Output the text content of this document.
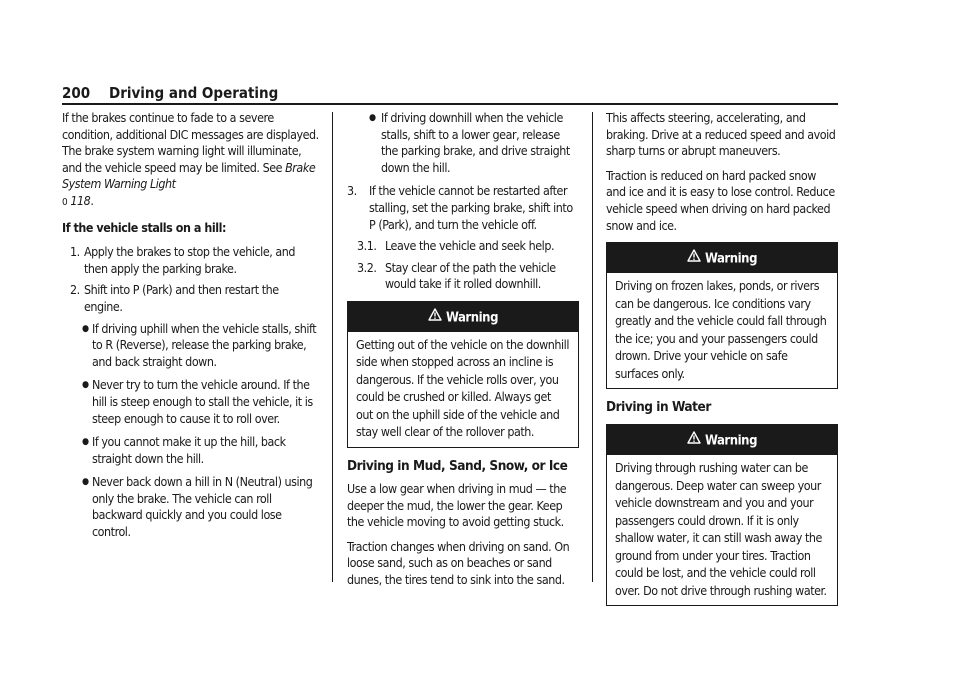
200 Driving and Operating

If the brakes continue to fade to a severe condition, additional DIC messages are displayed. The brake system warning light will illuminate, and the vehicle speed may be limited. See Brake System Warning Light
0 118.

If the vehicle stalls on a hill:

1. Apply the brakes to stop the vehicle, and then apply the parking brake.
2. Shift into P (Park) and then restart the engine.
● If driving uphill when the vehicle stalls, shift to R (Reverse), release the parking brake, and back straight down.
● Never try to turn the vehicle around. If the hill is steep enough to stall the vehicle, it is steep enough to cause it to roll over.
● If you cannot make it up the hill, back straight down the hill.
● Never back down a hill in N (Neutral) using only the brake. The vehicle can roll backward quickly and you could lose control.
● If driving downhill when the vehicle stalls, shift to a lower gear, release the parking brake, and drive straight down the hill.
3. If the vehicle cannot be restarted after stalling, set the parking brake, shift into P (Park), and turn the vehicle off.
3.1. Leave the vehicle and seek help.
3.2. Stay clear of the path the vehicle would take if it rolled downhill.
Warning
Getting out of the vehicle on the downhill side when stopped across an incline is dangerous. If the vehicle rolls over, you could be crushed or killed. Always get out on the uphill side of the vehicle and stay well clear of the rollover path.
Driving in Mud, Sand, Snow, or Ice

Use a low gear when driving in mud — the deeper the mud, the lower the gear. Keep the vehicle moving to avoid getting stuck.

Traction changes when driving on sand. On loose sand, such as on beaches or sand dunes, the tires tend to sink into the sand.

This affects steering, accelerating, and braking. Drive at a reduced speed and avoid sharp turns or abrupt maneuvers.

Traction is reduced on hard packed snow and ice and it is easy to lose control. Reduce vehicle speed when driving on hard packed snow and ice.

Warning
Driving on frozen lakes, ponds, or rivers can be dangerous. Ice conditions vary greatly and the vehicle could fall through the ice; you and your passengers could drown. Drive your vehicle on safe surfaces only.
Driving in Water
Warning
Driving through rushing water can be dangerous. Deep water can sweep your vehicle downstream and you and your passengers could drown. If it is only shallow water, it can still wash away the ground from under your tires. Traction could be lost, and the vehicle could roll over. Do not drive through rushing water.
